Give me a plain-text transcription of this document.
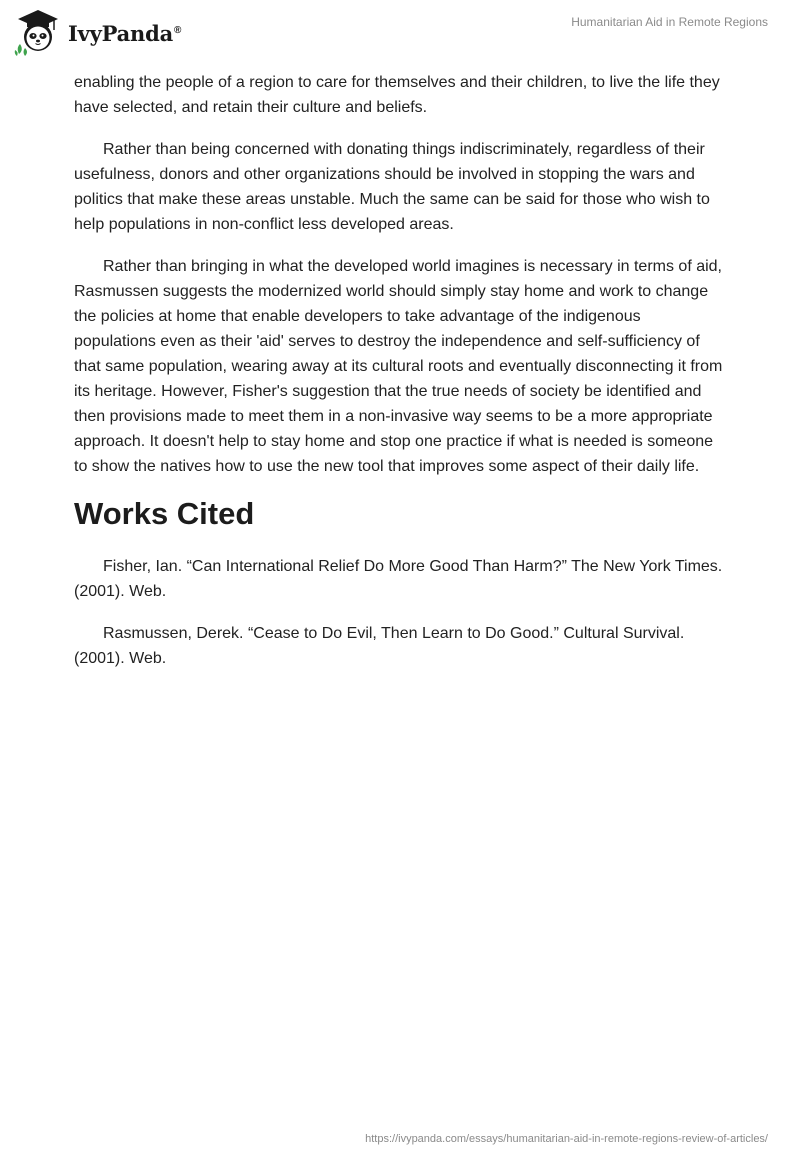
IvyPanda®
Humanitarian Aid in Remote Regions

enabling the people of a region to care for themselves and their children, to live the life they have selected, and retain their culture and beliefs.

Rather than being concerned with donating things indiscriminately, regardless of their usefulness, donors and other organizations should be involved in stopping the wars and politics that make these areas unstable. Much the same can be said for those who wish to help populations in non-conflict less developed areas.

Rather than bringing in what the developed world imagines is necessary in terms of aid, Rasmussen suggests the modernized world should simply stay home and work to change the policies at home that enable developers to take advantage of the indigenous populations even as their 'aid' serves to destroy the independence and self-sufficiency of that same population, wearing away at its cultural roots and eventually disconnecting it from its heritage. However, Fisher's suggestion that the true needs of society be identified and then provisions made to meet them in a non-invasive way seems to be a more appropriate approach. It doesn't help to stay home and stop one practice if what is needed is someone to show the natives how to use the new tool that improves some aspect of their daily life.

Works Cited

Fisher, Ian. “Can International Relief Do More Good Than Harm?” The New York Times. (2001). Web.

Rasmussen, Derek. “Cease to Do Evil, Then Learn to Do Good.” Cultural Survival. (2001). Web.

https://ivypanda.com/essays/humanitarian-aid-in-remote-regions-review-of-articles/
